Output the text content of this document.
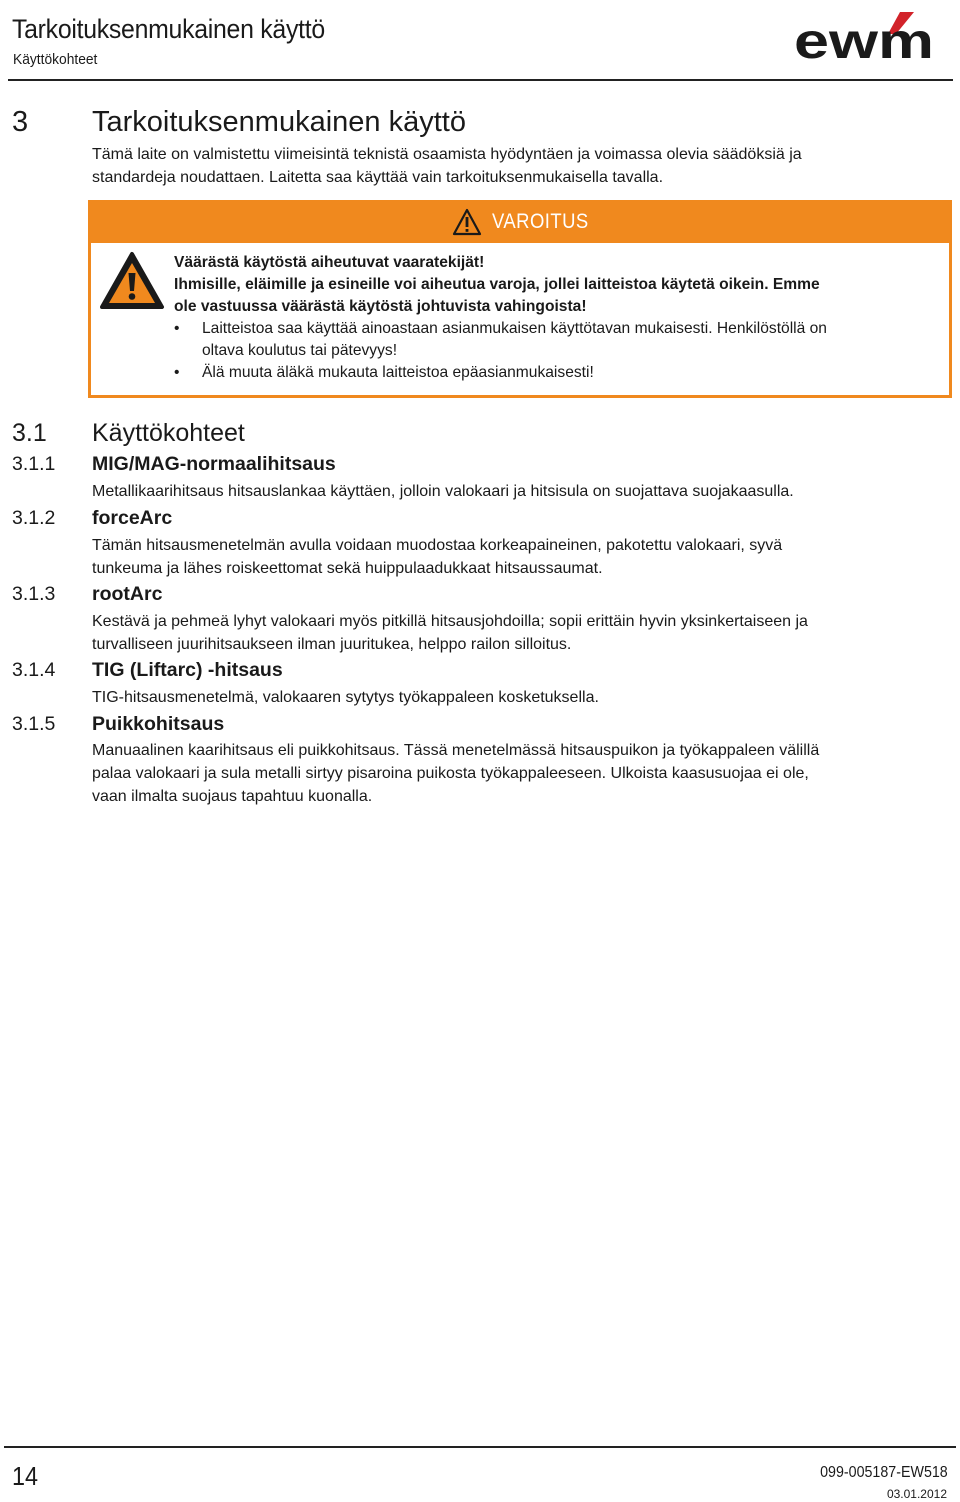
Tarkoituksenmukainen käyttö
Käyttökohteet	ewm
3 Tarkoituksenmukainen käyttö
Tämä laite on valmistettu viimeisintä teknistä osaamista hyödyntäen ja voimassa olevia säädöksiä ja
standardeja noudattaen. Laitetta saa käyttää vain tarkoituksenmukaisella tavalla.
VAROITUS
Väärästä käytöstä aiheutuvat vaaratekijät!
Ihmisille, eläimille ja esineille voi aiheutua varoja, jollei laitteistoa käytetä oikein. Emme
ole vastuussa väärästä käytöstä johtuvista vahingoista!
• Laitteistoa saa käyttää ainoastaan asianmukaisen käyttötavan mukaisesti. Henkilöstöllä on
oltava koulutus tai pätevyys!
• Älä muuta äläkä mukauta laitteistoa epäasianmukaisesti!
3.1 Käyttökohteet
3.1.1 MIG/MAG-normaalihitsaus
Metallikaarihitsaus hitsauslankaa käyttäen, jolloin valokaari ja hitsisula on suojattava suojakaasulla.
3.1.2 forceArc
Tämän hitsausmenetelmän avulla voidaan muodostaa korkeapaineinen, pakotettu valokaari, syvä
tunkeuma ja lähes roiskeettomat sekä huippulaadukkaat hitsaussaumat.
3.1.3 rootArc
Kestävä ja pehmeä lyhyt valokaari myös pitkillä hitsausjohdoilla; sopii erittäin hyvin yksinkertaiseen ja
turvalliseen juurihitsaukseen ilman juuritukea, helppo railon silloitus.
3.1.4 TIG (Liftarc) -hitsaus
TIG-hitsausmenetelmä, valokaaren sytytys työkappaleen kosketuksella.
3.1.5 Puikkohitsaus
Manuaalinen kaarihitsaus eli puikkohitsaus. Tässä menetelmässä hitsauspuikon ja työkappaleen välillä
palaa valokaari ja sula metalli sirtyy pisaroina puikosta työkappaleeseen. Ulkoista kaasusuojaa ei ole,
vaan ilmalta suojaus tapahtuu kuonalla.
14	099-005187-EW518
03.01.2012
